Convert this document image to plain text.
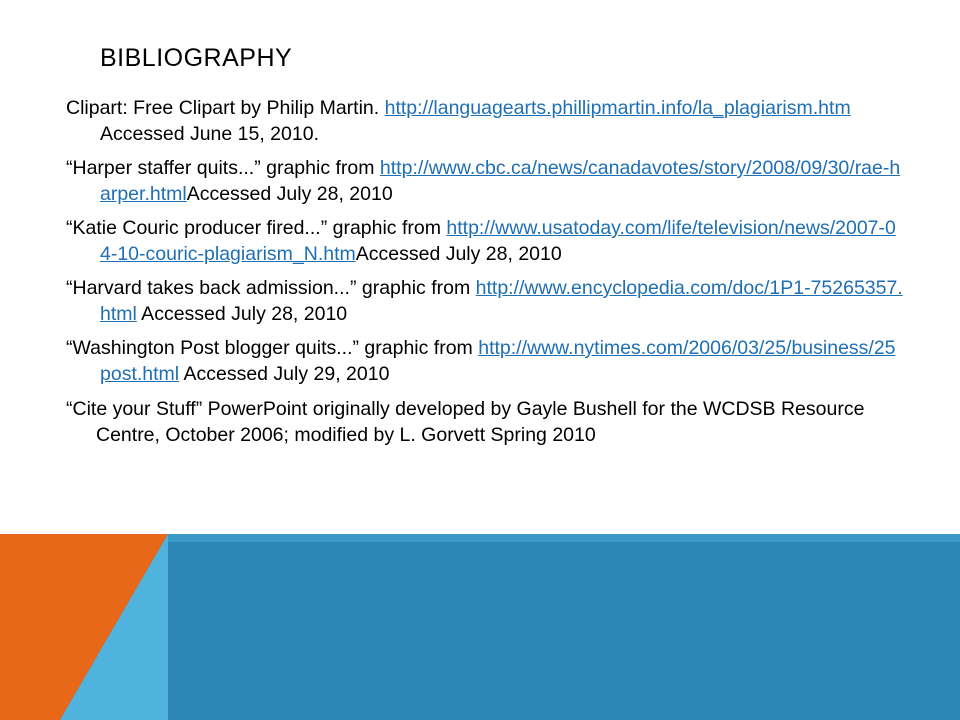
BIBLIOGRAPHY

Clipart: Free Clipart by Philip Martin. http://languagearts.phillipmartin.info/la_plagiarism.htm Accessed June 15, 2010.

“Harper staffer quits...” graphic from http://www.cbc.ca/news/canadavotes/story/2008/09/30/rae-harper.htmlAccessed July 28, 2010

“Katie Couric producer fired...” graphic from http://www.usatoday.com/life/television/news/2007-04-10-couric-plagiarism_N.htmAccessed July 28, 2010

“Harvard takes back admission...” graphic from http://www.encyclopedia.com/doc/1P1-75265357.html Accessed July 28, 2010

“Washington Post blogger quits...” graphic from http://www.nytimes.com/2006/03/25/business/25post.html Accessed July 29, 2010

“Cite your Stuff” PowerPoint originally developed by Gayle Bushell for the WCDSB Resource Centre, October 2006; modified by L. Gorvett Spring 2010
